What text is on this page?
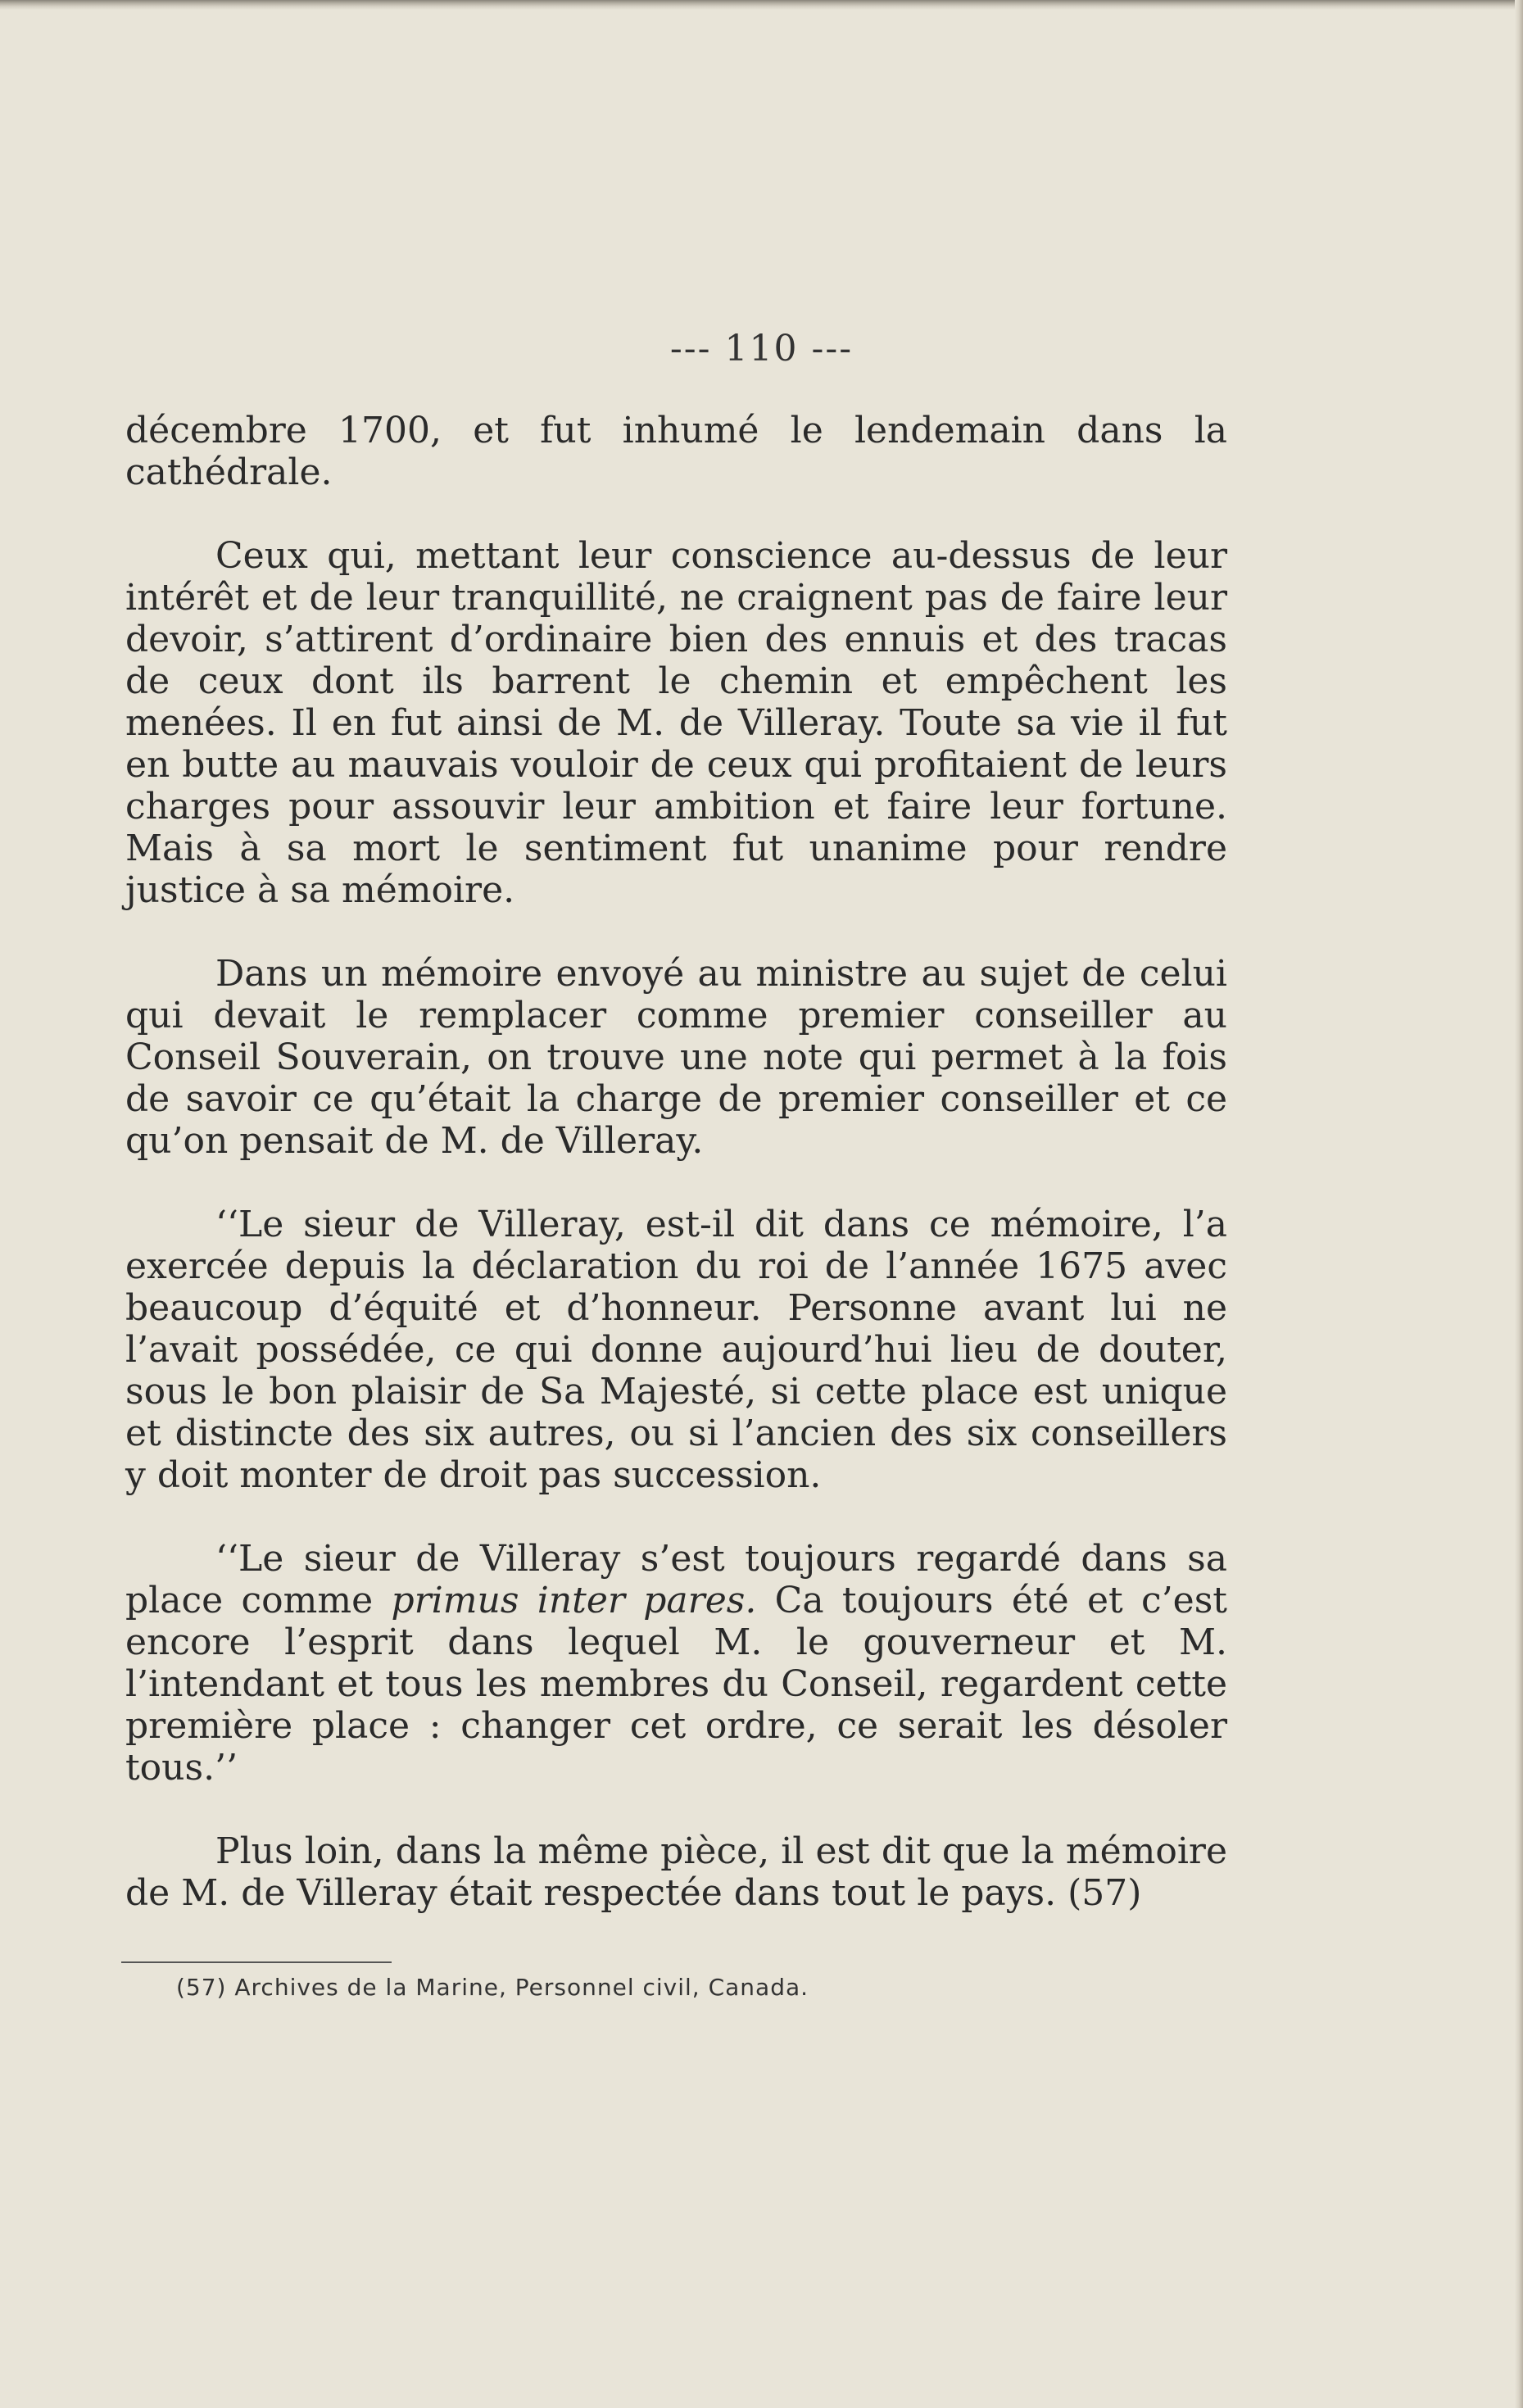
--- 110 ---

décembre 1700, et fut inhumé le lendemain dans la cathédrale.

Ceux qui, mettant leur conscience au-dessus de leur intérêt et de leur tranquillité, ne craignent pas de faire leur devoir, s’attirent d’ordinaire bien des ennuis et des tracas de ceux dont ils barrent le chemin et empêchent les menées. Il en fut ainsi de M. de Villeray. Toute sa vie il fut en butte au mauvais vouloir de ceux qui profitaient de leurs charges pour assouvir leur ambition et faire leur fortune. Mais à sa mort le sentiment fut unanime pour rendre justice à sa mémoire.

Dans un mémoire envoyé au ministre au sujet de celui qui devait le remplacer comme premier conseiller au Conseil Souverain, on trouve une note qui permet à la fois de savoir ce qu’était la charge de premier conseiller et ce qu’on pensait de M. de Villeray.

‘‘Le sieur de Villeray, est-il dit dans ce mémoire, l’a exercée depuis la déclaration du roi de l’année 1675 avec beaucoup d’équité et d’honneur. Personne avant lui ne l’avait possédée, ce qui donne aujourd’hui lieu de douter, sous le bon plaisir de Sa Majesté, si cette place est unique et distincte des six autres, ou si l’ancien des six conseillers y doit monter de droit pas succession.

‘‘Le sieur de Villeray s’est toujours regardé dans sa place comme primus inter pares. Ca toujours été et c’est encore l’esprit dans lequel M. le gouverneur et M. l’intendant et tous les membres du Conseil, regardent cette première place : changer cet ordre, ce serait les désoler tous.’’

Plus loin, dans la même pièce, il est dit que la mémoire de M. de Villeray était respectée dans tout le pays. (57)

(57) Archives de la Marine, Personnel civil, Canada.
